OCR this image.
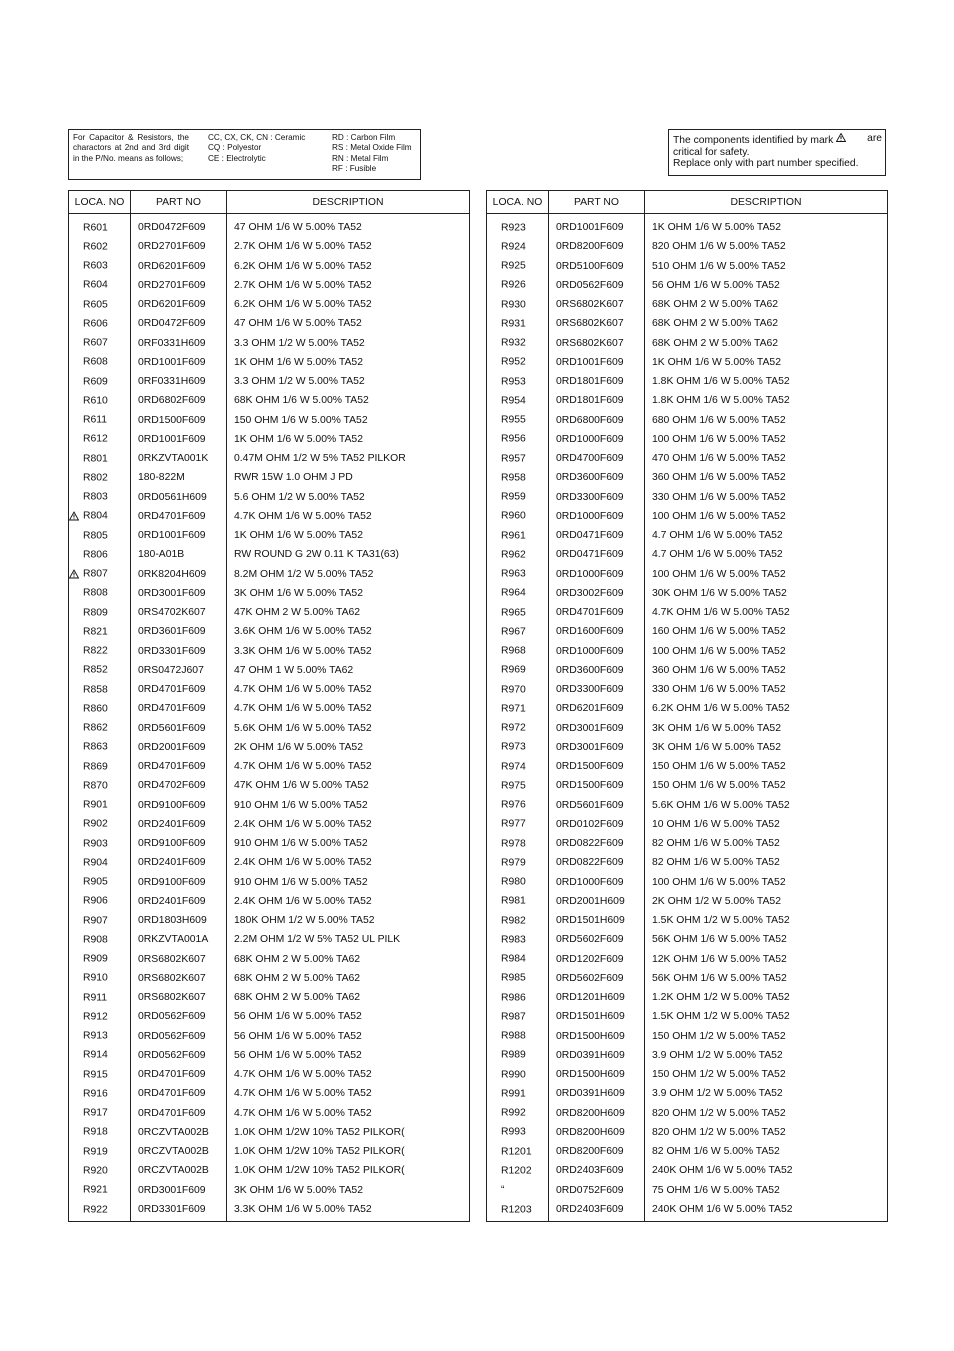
For Capacitor & Resistors, the charactors at 2nd and 3rd digit in the P/No. means as follows;
CC, CX, CK, CN : Ceramic
CQ : Polyestor
CE : Electrolytic
RD : Carbon Film
RS : Metal Oxide Film
RN : Metal Film
RF : Fusible
The components identified by mark	are
critical for safety.
Replace only with part number specified.
LOCA. NO	PART NO	DESCRIPTION

R601	0RD0472F609	47 OHM 1/6 W 5.00% TA52

R602	0RD2701F609	2.7K OHM 1/6 W 5.00% TA52

R603	0RD6201F609	6.2K OHM 1/6 W 5.00% TA52

R604	0RD2701F609	2.7K OHM 1/6 W 5.00% TA52

R605	0RD6201F609	6.2K OHM 1/6 W 5.00% TA52

R606	0RD0472F609	47 OHM 1/6 W 5.00% TA52

R607	0RF0331H609	3.3 OHM 1/2 W 5.00% TA52

R608	0RD1001F609	1K OHM 1/6 W 5.00% TA52

R609	0RF0331H609	3.3 OHM 1/2 W 5.00% TA52

R610	0RD6802F609	68K OHM 1/6 W 5.00% TA52

R611	0RD1500F609	150 OHM 1/6 W 5.00% TA52

R612	0RD1001F609	1K OHM 1/6 W 5.00% TA52

R801	0RKZVTA001K	0.47M OHM 1/2 W 5% TA52 PILKOR

R802	180-822M	RWR 15W 1.0 OHM J PD

R803	0RD0561H609	5.6 OHM 1/2 W 5.00% TA52

R804	0RD4701F609	4.7K OHM 1/6 W 5.00% TA52

R805	0RD1001F609	1K OHM 1/6 W 5.00% TA52

R806	180-A01B	RW ROUND G 2W 0.11 K TA31(63)

R807	0RK8204H609	8.2M OHM 1/2 W 5.00% TA52

R808	0RD3001F609	3K OHM 1/6 W 5.00% TA52

R809	0RS4702K607	47K OHM 2 W 5.00% TA62

R821	0RD3601F609	3.6K OHM 1/6 W 5.00% TA52

R822	0RD3301F609	3.3K OHM 1/6 W 5.00% TA52

R852	0RS0472J607	47 OHM 1 W 5.00% TA62

R858	0RD4701F609	4.7K OHM 1/6 W 5.00% TA52

R860	0RD4701F609	4.7K OHM 1/6 W 5.00% TA52

R862	0RD5601F609	5.6K OHM 1/6 W 5.00% TA52

R863	0RD2001F609	2K OHM 1/6 W 5.00% TA52

R869	0RD4701F609	4.7K OHM 1/6 W 5.00% TA52

R870	0RD4702F609	47K OHM 1/6 W 5.00% TA52

R901	0RD9100F609	910 OHM 1/6 W 5.00% TA52

R902	0RD2401F609	2.4K OHM 1/6 W 5.00% TA52

R903	0RD9100F609	910 OHM 1/6 W 5.00% TA52

R904	0RD2401F609	2.4K OHM 1/6 W 5.00% TA52

R905	0RD9100F609	910 OHM 1/6 W 5.00% TA52

R906	0RD2401F609	2.4K OHM 1/6 W 5.00% TA52

R907	0RD1803H609	180K OHM 1/2 W 5.00% TA52

R908	0RKZVTA001A	2.2M OHM 1/2 W 5% TA52 UL PILK

R909	0RS6802K607	68K OHM 2 W 5.00% TA62

R910	0RS6802K607	68K OHM 2 W 5.00% TA62

R911	0RS6802K607	68K OHM 2 W 5.00% TA62

R912	0RD0562F609	56 OHM 1/6 W 5.00% TA52

R913	0RD0562F609	56 OHM 1/6 W 5.00% TA52

R914	0RD0562F609	56 OHM 1/6 W 5.00% TA52

R915	0RD4701F609	4.7K OHM 1/6 W 5.00% TA52

R916	0RD4701F609	4.7K OHM 1/6 W 5.00% TA52

R917	0RD4701F609	4.7K OHM 1/6 W 5.00% TA52

R918	0RCZVTA002B	1.0K OHM 1/2W 10% TA52 PILKOR(

R919	0RCZVTA002B	1.0K OHM 1/2W 10% TA52 PILKOR(

R920	0RCZVTA002B	1.0K OHM 1/2W 10% TA52 PILKOR(

R921	0RD3001F609	3K OHM 1/6 W 5.00% TA52

R922	0RD3301F609	3.3K OHM 1/6 W 5.00% TA52
LOCA. NO	PART NO	DESCRIPTION

R923	0RD1001F609	1K OHM 1/6 W 5.00% TA52

R924	0RD8200F609	820 OHM 1/6 W 5.00% TA52

R925	0RD5100F609	510 OHM 1/6 W 5.00% TA52

R926	0RD0562F609	56 OHM 1/6 W 5.00% TA52

R930	0RS6802K607	68K OHM 2 W 5.00% TA62

R931	0RS6802K607	68K OHM 2 W 5.00% TA62

R932	0RS6802K607	68K OHM 2 W 5.00% TA62

R952	0RD1001F609	1K OHM 1/6 W 5.00% TA52

R953	0RD1801F609	1.8K OHM 1/6 W 5.00% TA52

R954	0RD1801F609	1.8K OHM 1/6 W 5.00% TA52

R955	0RD6800F609	680 OHM 1/6 W 5.00% TA52

R956	0RD1000F609	100 OHM 1/6 W 5.00% TA52

R957	0RD4700F609	470 OHM 1/6 W 5.00% TA52

R958	0RD3600F609	360 OHM 1/6 W 5.00% TA52

R959	0RD3300F609	330 OHM 1/6 W 5.00% TA52

R960	0RD1000F609	100 OHM 1/6 W 5.00% TA52

R961	0RD0471F609	4.7 OHM 1/6 W 5.00% TA52

R962	0RD0471F609	4.7 OHM 1/6 W 5.00% TA52

R963	0RD1000F609	100 OHM 1/6 W 5.00% TA52

R964	0RD3002F609	30K OHM 1/6 W 5.00% TA52

R965	0RD4701F609	4.7K OHM 1/6 W 5.00% TA52

R967	0RD1600F609	160 OHM 1/6 W 5.00% TA52

R968	0RD1000F609	100 OHM 1/6 W 5.00% TA52

R969	0RD3600F609	360 OHM 1/6 W 5.00% TA52

R970	0RD3300F609	330 OHM 1/6 W 5.00% TA52

R971	0RD6201F609	6.2K OHM 1/6 W 5.00% TA52

R972	0RD3001F609	3K OHM 1/6 W 5.00% TA52

R973	0RD3001F609	3K OHM 1/6 W 5.00% TA52

R974	0RD1500F609	150 OHM 1/6 W 5.00% TA52

R975	0RD1500F609	150 OHM 1/6 W 5.00% TA52

R976	0RD5601F609	5.6K OHM 1/6 W 5.00% TA52

R977	0RD0102F609	10 OHM 1/6 W 5.00% TA52

R978	0RD0822F609	82 OHM 1/6 W 5.00% TA52

R979	0RD0822F609	82 OHM 1/6 W 5.00% TA52

R980	0RD1000F609	100 OHM 1/6 W 5.00% TA52

R981	0RD2001H609	2K OHM 1/2 W 5.00% TA52

R982	0RD1501H609	1.5K OHM 1/2 W 5.00% TA52

R983	0RD5602F609	56K OHM 1/6 W 5.00% TA52

R984	0RD1202F609	12K OHM 1/6 W 5.00% TA52

R985	0RD5602F609	56K OHM 1/6 W 5.00% TA52

R986	0RD1201H609	1.2K OHM 1/2 W 5.00% TA52

R987	0RD1501H609	1.5K OHM 1/2 W 5.00% TA52

R988	0RD1500H609	150 OHM 1/2 W 5.00% TA52

R989	0RD0391H609	3.9 OHM 1/2 W 5.00% TA52

R990	0RD1500H609	150 OHM 1/2 W 5.00% TA52

R991	0RD0391H609	3.9 OHM 1/2 W 5.00% TA52

R992	0RD8200H609	820 OHM 1/2 W 5.00% TA52

R993	0RD8200H609	820 OHM 1/2 W 5.00% TA52

R1201	0RD8200F609	82 OHM 1/6 W 5.00% TA52

R1202	0RD2403F609	240K OHM 1/6 W 5.00% TA52

“	0RD0752F609	75 OHM 1/6 W 5.00% TA52

R1203	0RD2403F609	240K OHM 1/6 W 5.00% TA52
